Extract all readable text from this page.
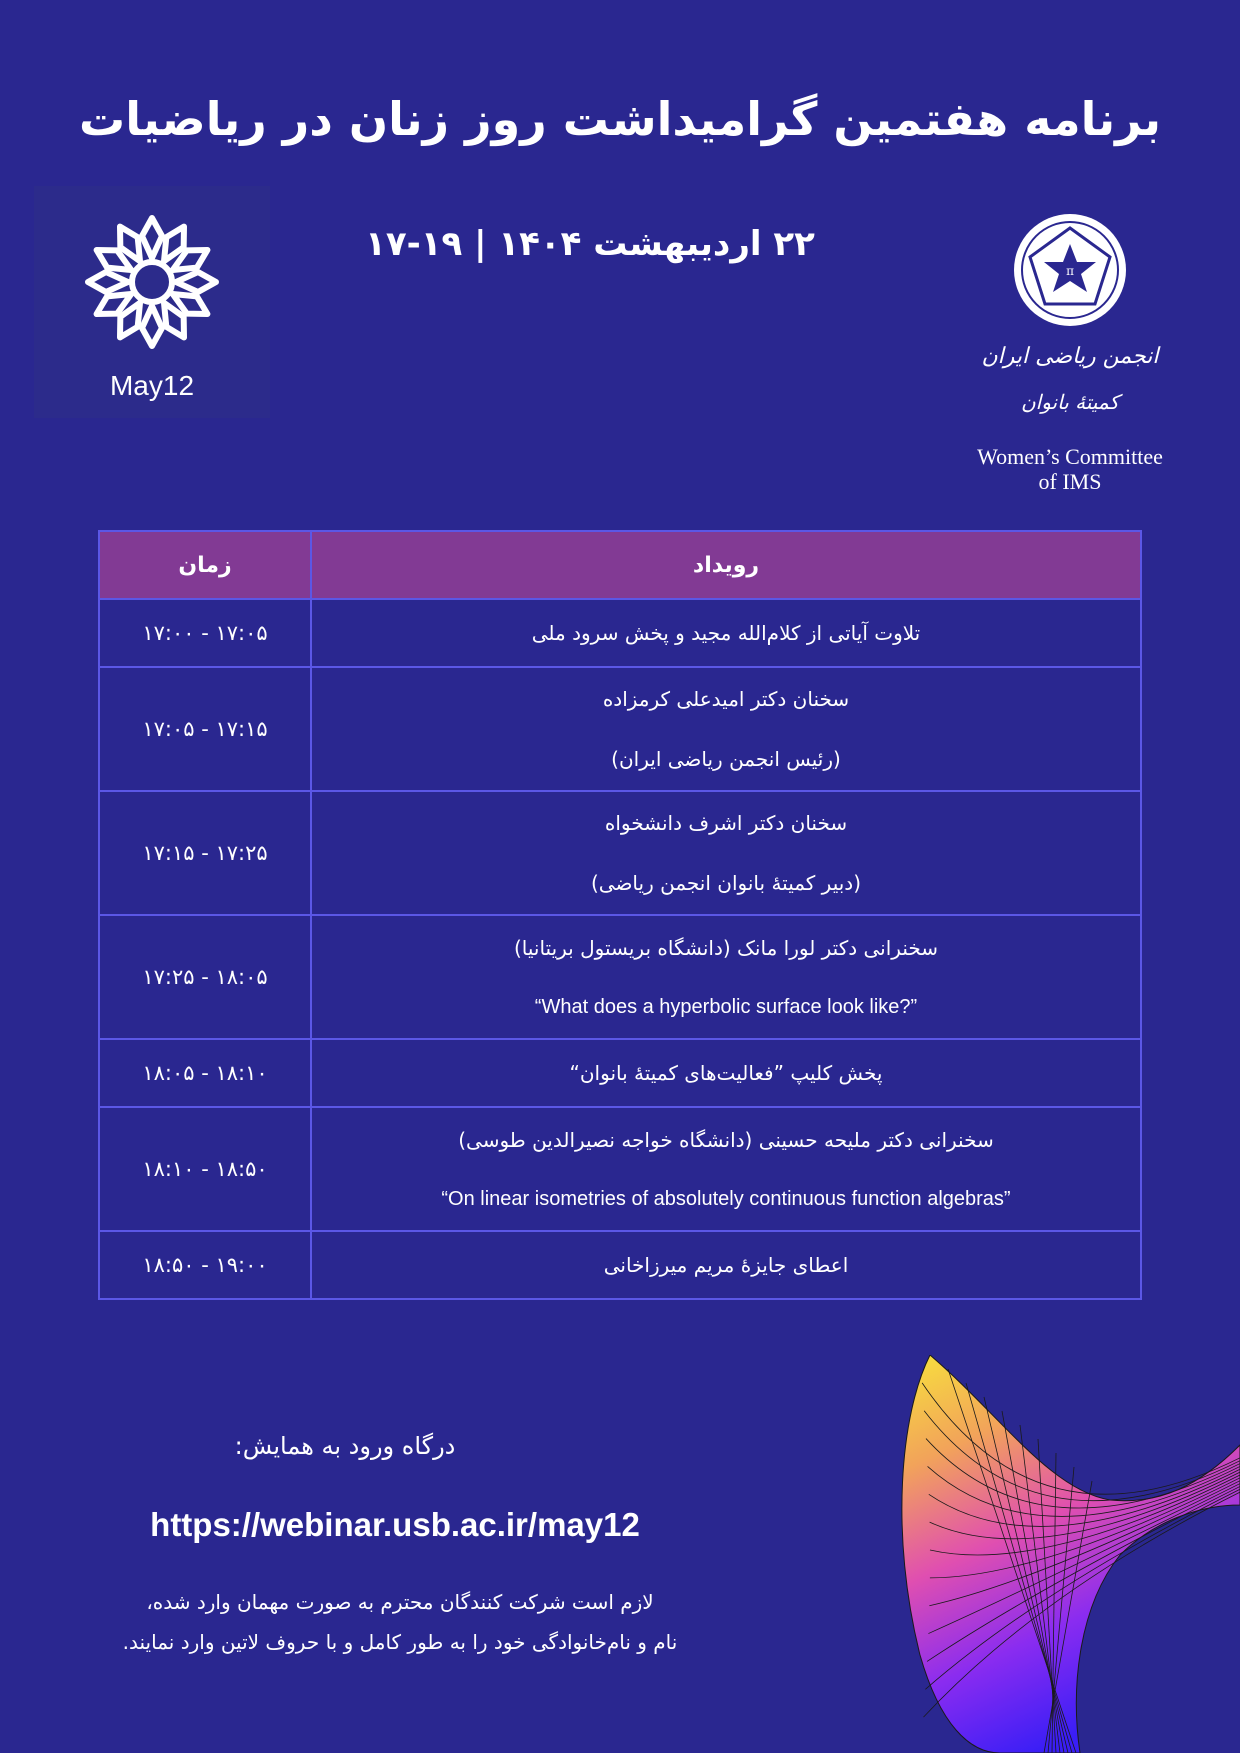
برنامه هفتمین گرامیداشت روز زنان در ریاضیات
۲۲ اردیبهشت ۱۴۰۴ | ۱۹-۱۷
May12
π
انجمن ریاضی ایران
کمیتهٔ بانوان
Women’s Committee
of IMS
رویداد	زمان

تلاوت آیاتی از کلام‌الله مجید و پخش سرود ملی	۱۷:۰۰ - ۱۷:۰۵

سخنان دکتر امیدعلی کرمزاده
(رئیس انجمن ریاضی ایران)	۱۷:۰۵ - ۱۷:۱۵

سخنان دکتر اشرف دانشخواه
(دبیر کمیتهٔ بانوان انجمن ریاضی)	۱۷:۱۵ - ۱۷:۲۵

سخنرانی دکتر لورا مانک (دانشگاه بریستول بریتانیا)
“What does a hyperbolic surface look like?”	۱۷:۲۵ - ۱۸:۰۵

پخش کلیپ ”فعالیت‌های کمیتهٔ بانوان“	۱۸:۰۵ - ۱۸:۱۰

سخنرانی دکتر ملیحه حسینی (دانشگاه خواجه نصیرالدین طوسی)
“On linear isometries of absolutely continuous function algebras”	۱۸:۱۰ - ۱۸:۵۰

اعطای جایزهٔ مریم میرزاخانی	۱۸:۵۰ - ۱۹:۰۰
درگاه ورود به همایش:
https://webinar.usb.ac.ir/may12
لازم است شرکت کنندگان محترم به صورت مهمان وارد شده،
نام و نام‌خانوادگی خود را به طور کامل و با حروف لاتین وارد نمایند.
